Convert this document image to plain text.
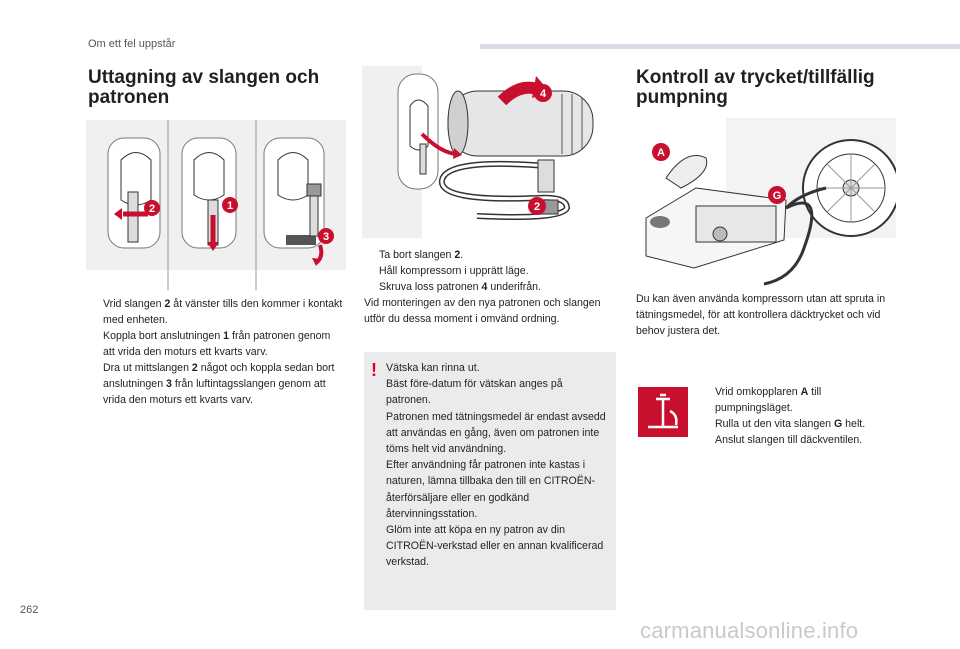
Om ett fel uppstår
Uttagning av slangen och patronen
2	1
3
Vrid slangen 2 åt vänster tills den kommer i kontakt med enheten.
Koppla bort anslutningen 1 från patronen genom att vrida den moturs ett kvarts varv.
Dra ut mittslangen 2 något och koppla sedan bort anslutningen 3 från luftintagsslangen genom att vrida den moturs ett kvarts varv.
4
2
Ta bort slangen 2.
Håll kompressorn i upprätt läge.
Skruva loss patronen 4 underifrån.
Vid monteringen av den nya patronen och slangen utför du dessa moment i omvänd ordning.
! Vätska kan rinna ut.
Bäst före-datum för vätskan anges på patronen.
Patronen med tätningsmedel är endast avsedd att användas en gång, även om patronen inte töms helt vid användning.
Efter användning får patronen inte kastas i naturen, lämna tillbaka den till en CITROËN-återförsäljare eller en godkänd återvinningsstation.
Glöm inte att köpa en ny patron av din CITROËN-verkstad eller en annan kvalificerad verkstad.
Kontroll av trycket/tillfällig pumpning
A
G
Du kan även använda kompressorn utan att spruta in tätningsmedel, för att kontrollera däcktrycket och vid behov justera det.
Vrid omkopplaren A till pumpningsläget.
Rulla ut den vita slangen G helt.
Anslut slangen till däckventilen.
262
carmanualsonline.info
